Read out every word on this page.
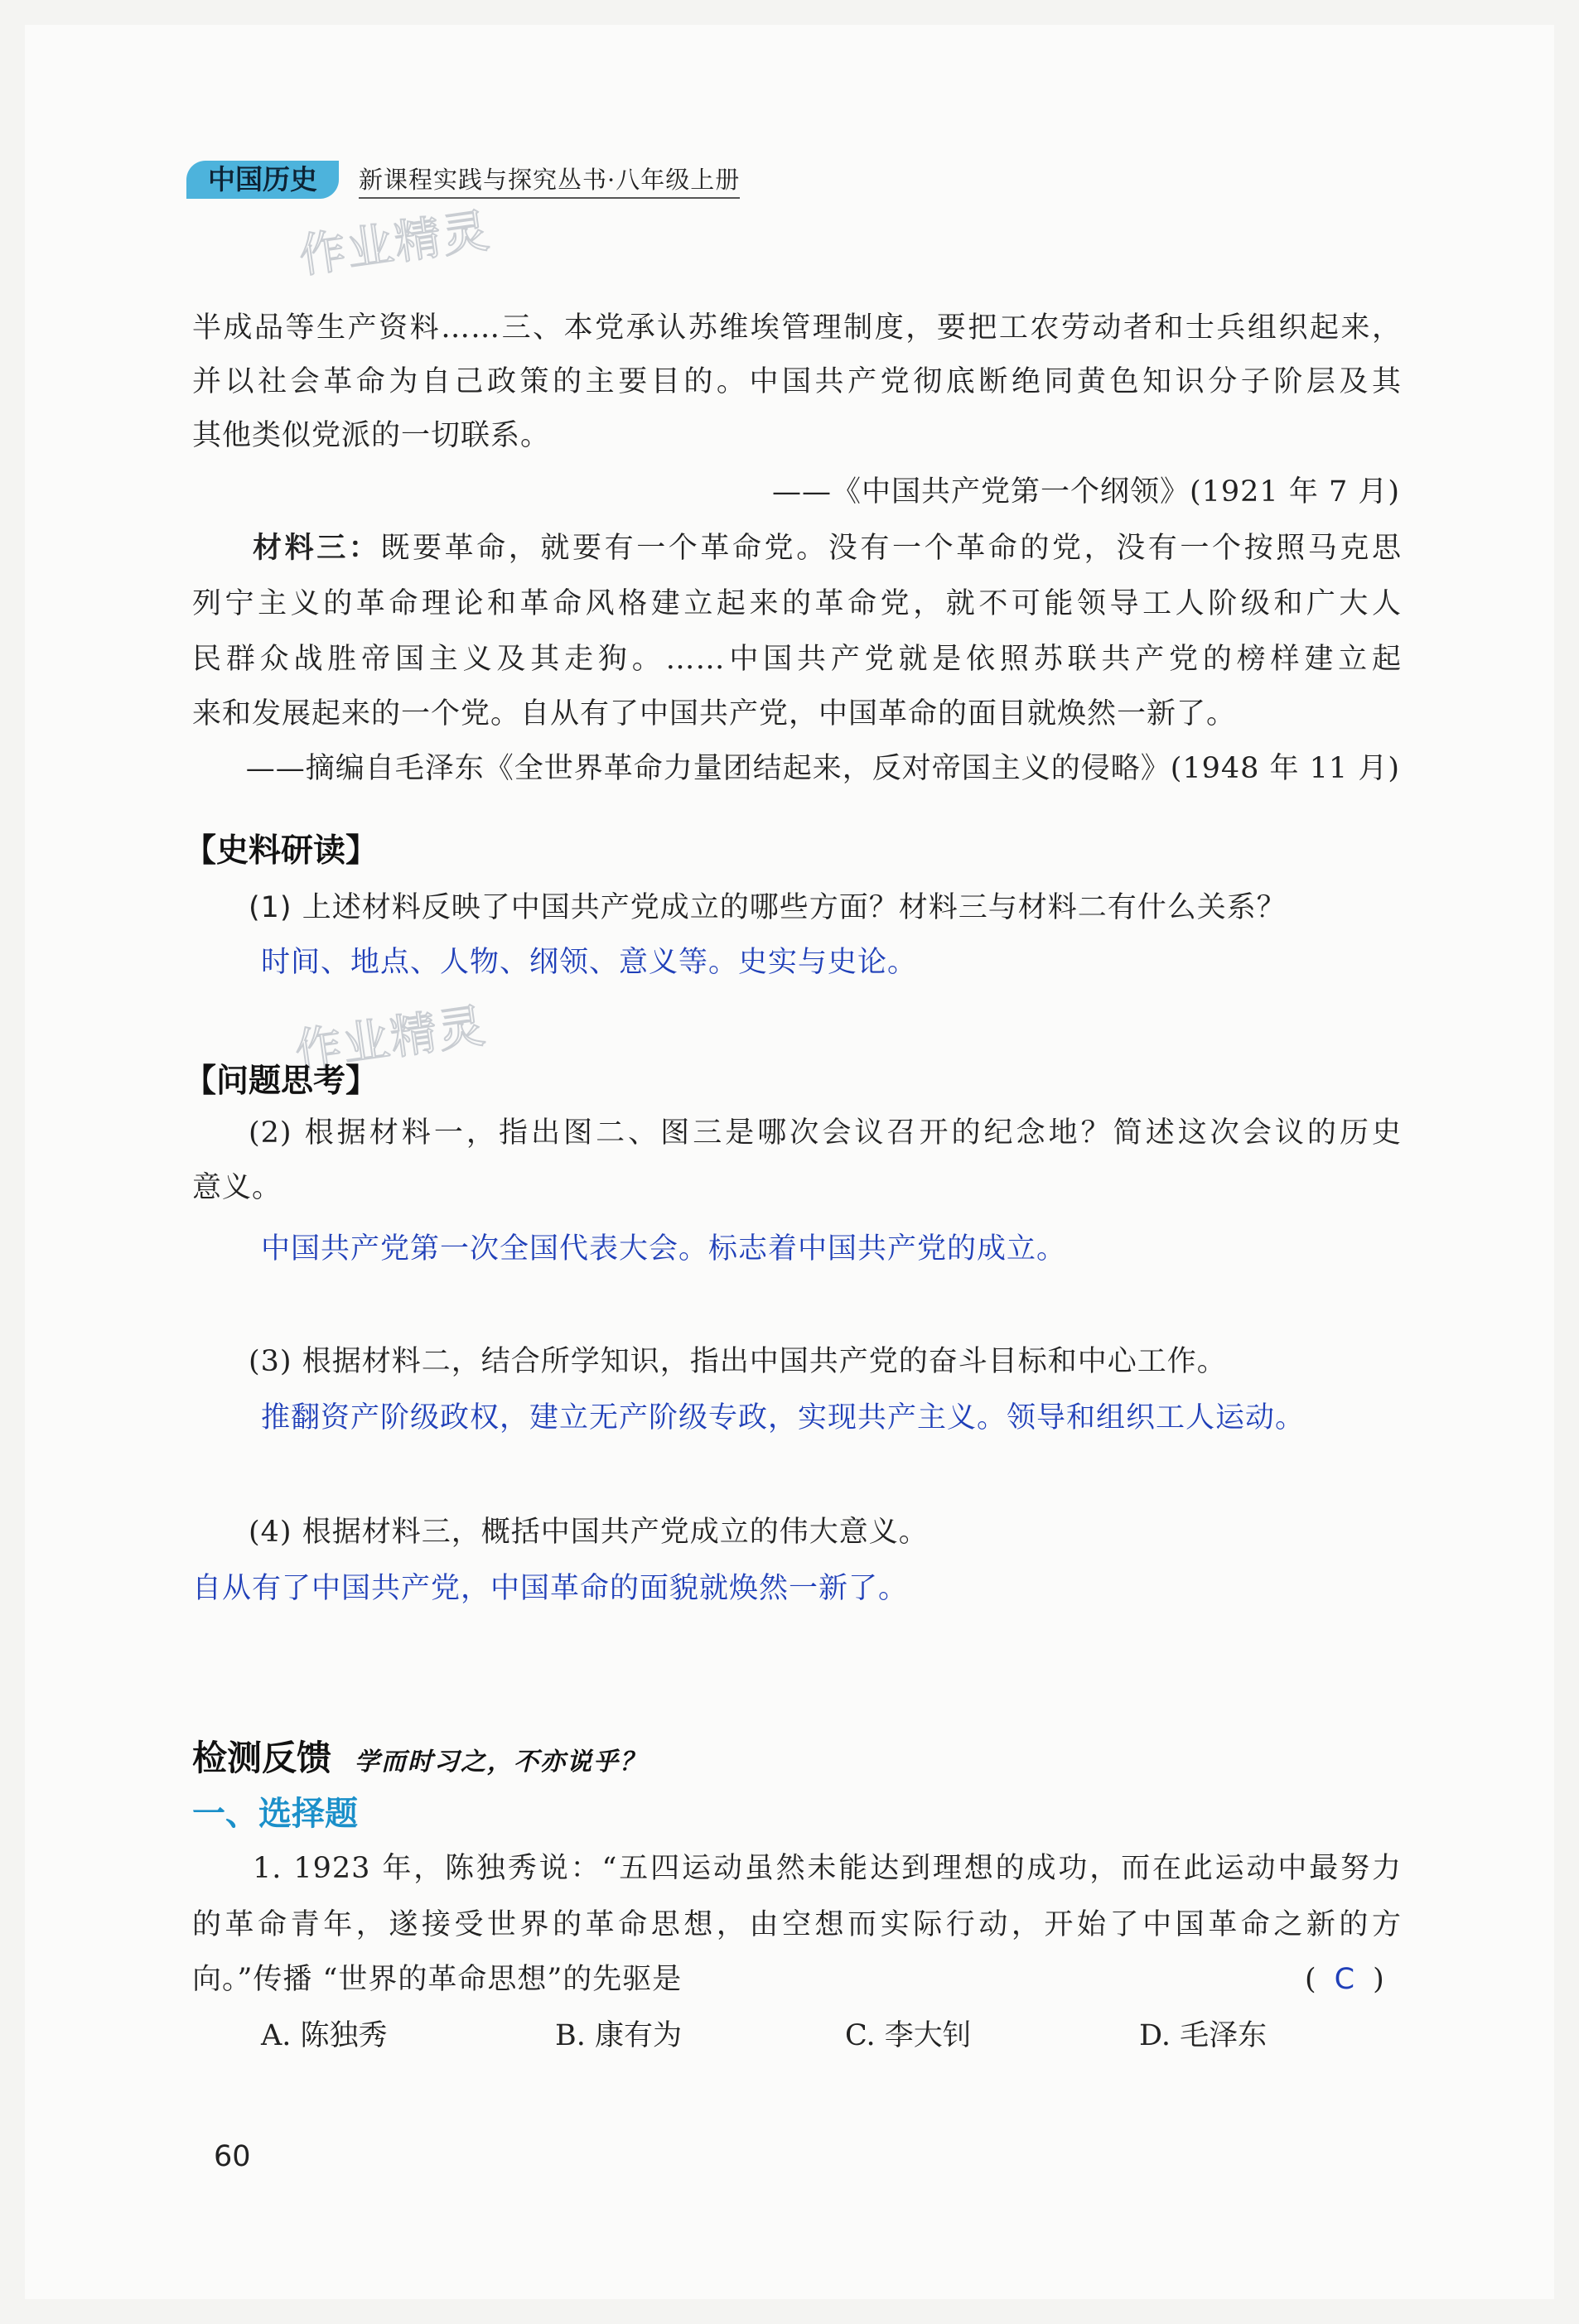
中国历史	新课程实践与探究丛书·八年级上册
作业精灵
作业精灵
半成品等生产资料……三、本党承认苏维埃管理制度，要把工农劳动者和士兵组织起来，
并以社会革命为自己政策的主要目的。中国共产党彻底断绝同黄色知识分子阶层及其
其他类似党派的一切联系。
——《中国共产党第一个纲领》(1921 年 7 月)
材料三：既要革命，就要有一个革命党。没有一个革命的党，没有一个按照马克思
列宁主义的革命理论和革命风格建立起来的革命党，就不可能领导工人阶级和广大人
民群众战胜帝国主义及其走狗。……中国共产党就是依照苏联共产党的榜样建立起
来和发展起来的一个党。自从有了中国共产党，中国革命的面目就焕然一新了。
——摘编自毛泽东《全世界革命力量团结起来，反对帝国主义的侵略》(1948 年 11 月)
【史料研读】
(1) 上述材料反映了中国共产党成立的哪些方面？材料三与材料二有什么关系？
时间、地点、人物、纲领、意义等。史实与史论。
【问题思考】
(2) 根据材料一，指出图二、图三是哪次会议召开的纪念地？简述这次会议的历史
意义。
中国共产党第一次全国代表大会。标志着中国共产党的成立。
(3) 根据材料二，结合所学知识，指出中国共产党的奋斗目标和中心工作。
推翻资产阶级政权，建立无产阶级专政，实现共产主义。领导和组织工人运动。
(4) 根据材料三，概括中国共产党成立的伟大意义。
自从有了中国共产党，中国革命的面貌就焕然一新了。
检测反馈 学而时习之，不亦说乎？
一、选择题
1. 1923 年，陈独秀说：“五四运动虽然未能达到理想的成功，而在此运动中最努力
的革命青年，遂接受世界的革命思想，由空想而实际行动，开始了中国革命之新的方
向。”传播 “世界的革命思想”的先驱是	( C )
A. 陈独秀	B. 康有为	C. 李大钊	D. 毛泽东
60
